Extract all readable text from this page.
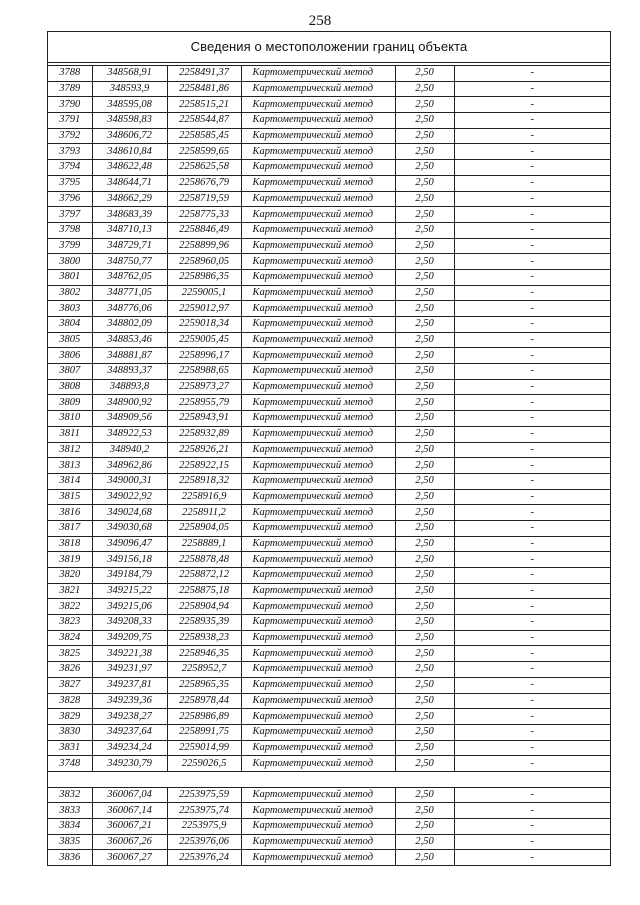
258
Сведения о местоположении границ объекта
3788	348568,91	2258491,37	Картометрический метод	2,50	-
3789	348593,9	2258481,86	Картометрический метод	2,50	-
3790	348595,08	2258515,21	Картометрический метод	2,50	-
3791	348598,83	2258544,87	Картометрический метод	2,50	-
3792	348606,72	2258585,45	Картометрический метод	2,50	-
3793	348610,84	2258599,65	Картометрический метод	2,50	-
3794	348622,48	2258625,58	Картометрический метод	2,50	-
3795	348644,71	2258676,79	Картометрический метод	2,50	-
3796	348662,29	2258719,59	Картометрический метод	2,50	-
3797	348683,39	2258775,33	Картометрический метод	2,50	-
3798	348710,13	2258846,49	Картометрический метод	2,50	-
3799	348729,71	2258899,96	Картометрический метод	2,50	-
3800	348750,77	2258960,05	Картометрический метод	2,50	-
3801	348762,05	2258986,35	Картометрический метод	2,50	-
3802	348771,05	2259005,1	Картометрический метод	2,50	-
3803	348776,06	2259012,97	Картометрический метод	2,50	-
3804	348802,09	2259018,34	Картометрический метод	2,50	-
3805	348853,46	2259005,45	Картометрический метод	2,50	-
3806	348881,87	2258996,17	Картометрический метод	2,50	-
3807	348893,37	2258988,65	Картометрический метод	2,50	-
3808	348893,8	2258973,27	Картометрический метод	2,50	-
3809	348900,92	2258955,79	Картометрический метод	2,50	-
3810	348909,56	2258943,91	Картометрический метод	2,50	-
3811	348922,53	2258932,89	Картометрический метод	2,50	-
3812	348940,2	2258926,21	Картометрический метод	2,50	-
3813	348962,86	2258922,15	Картометрический метод	2,50	-
3814	349000,31	2258918,32	Картометрический метод	2,50	-
3815	349022,92	2258916,9	Картометрический метод	2,50	-
3816	349024,68	2258911,2	Картометрический метод	2,50	-
3817	349030,68	2258904,05	Картометрический метод	2,50	-
3818	349096,47	2258889,1	Картометрический метод	2,50	-
3819	349156,18	2258878,48	Картометрический метод	2,50	-
3820	349184,79	2258872,12	Картометрический метод	2,50	-
3821	349215,22	2258875,18	Картометрический метод	2,50	-
3822	349215,06	2258904,94	Картометрический метод	2,50	-
3823	349208,33	2258935,39	Картометрический метод	2,50	-
3824	349209,75	2258938,23	Картометрический метод	2,50	-
3825	349221,38	2258946,35	Картометрический метод	2,50	-
3826	349231,97	2258952,7	Картометрический метод	2,50	-
3827	349237,81	2258965,35	Картометрический метод	2,50	-
3828	349239,36	2258978,44	Картометрический метод	2,50	-
3829	349238,27	2258986,89	Картометрический метод	2,50	-
3830	349237,64	2258991,75	Картометрический метод	2,50	-
3831	349234,24	2259014,99	Картометрический метод	2,50	-
3748	349230,79	2259026,5	Картометрический метод	2,50	-

3832	360067,04	2253975,59	Картометрический метод	2,50	-
3833	360067,14	2253975,74	Картометрический метод	2,50	-
3834	360067,21	2253975,9	Картометрический метод	2,50	-
3835	360067,26	2253976,06	Картометрический метод	2,50	-
3836	360067,27	2253976,24	Картометрический метод	2,50	-
